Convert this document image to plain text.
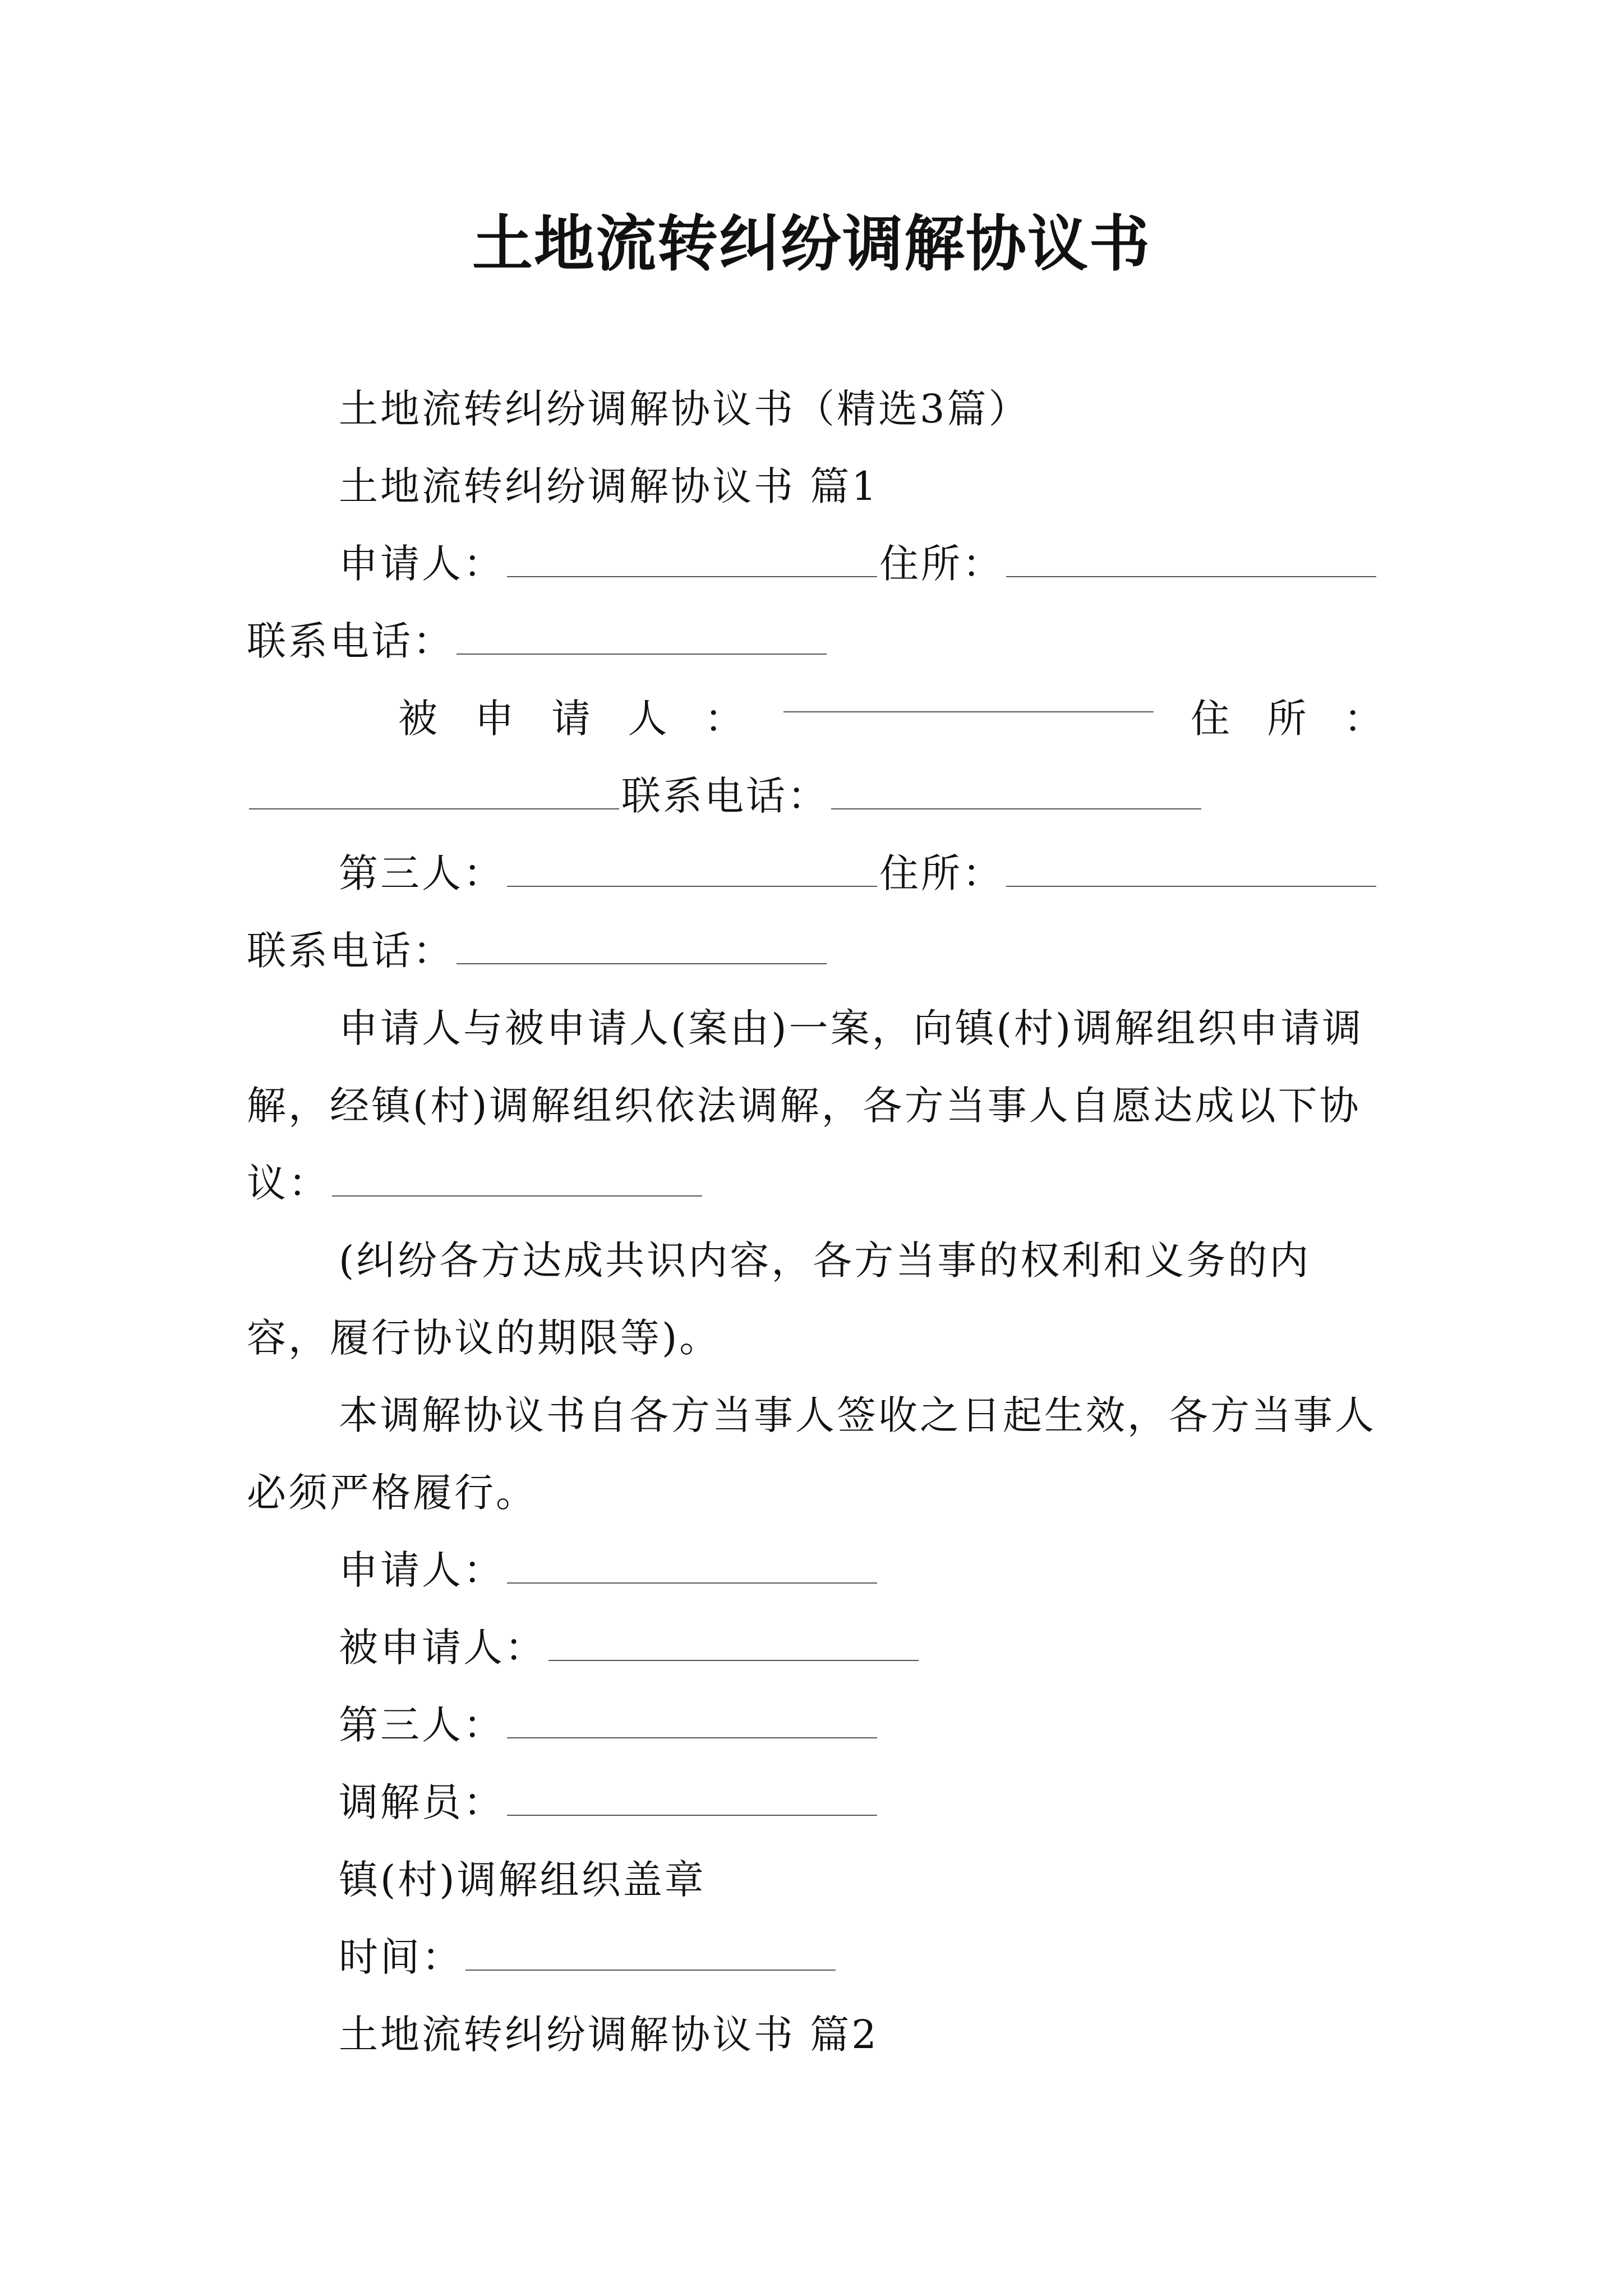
土地流转纠纷调解协议书

土地流转纠纷调解协议书（精选3篇）

土地流转纠纷调解协议书 篇1

申请人：	住所：联系电话：

被 申 请 人 ：	住 所 ：

联系电话：

第三人：	住所：联系电话：

申请人与被申请人(案由)一案，向镇(村)调解组织申请调解，经镇(村)调解组织依法调解，各方当事人自愿达成以下协议：

(纠纷各方达成共识内容，各方当事的权利和义务的内容，履行协议的期限等)。

本调解协议书自各方当事人签收之日起生效，各方当事人必须严格履行。

申请人：

被申请人：

第三人：

调解员：

镇(村)调解组织盖章

时间：

土地流转纠纷调解协议书 篇2
